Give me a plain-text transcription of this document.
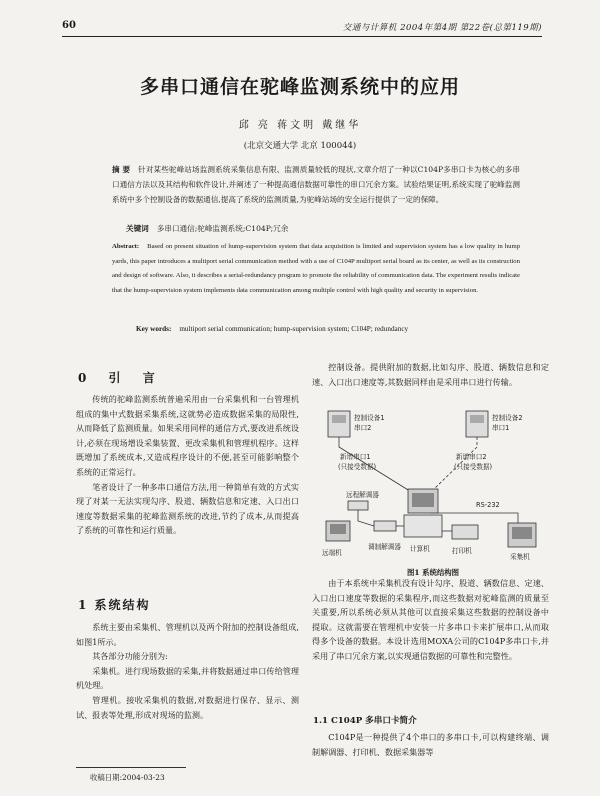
60	交通与计算机 2004年第4期 第22卷(总第119期)
多串口通信在驼峰监测系统中的应用
邱 亮 蒋文明 戴继华
(北京交通大学 北京 100044)
摘 要 针对某些驼峰站场监测系统采集信息有限、监测质量较低的现状,文章介绍了一种以C104P多串口卡为核心的多串口通信方法以及其结构和软件设计,并阐述了一种提高通信数据可靠性的串口冗余方案。试验结果证明,系统实现了驼峰监测系统中多个控制设备的数据通信,提高了系统的监测质量,为驼峰站场的安全运行提供了一定的保障。
关键词 多串口通信;驼峰监测系统;C104P;冗余
Abstract: Based on present situation of hump-supervision system that data acquisition is limited and supervision system has a low quality in hump yards, this paper introduces a multiport serial communication method with a use of C104P multiport serial board as its center, as well as its construction and design of software. Also, it describes a serial-redundancy program to promote the reliability of communication data. The experiment results indicate that the hump-supervision system implements data communication among multiple control with high quality and security in supervision.
Key words: multiport serial communication; hump-supervision system; C104P; redundancy
0 引 言

传统的驼峰监测系统普遍采用由一台采集机和一台管理机组成的集中式数据采集系统,这就势必造成数据采集的局限性,从而降低了监测质量。如果采用同样的通信方式,要改进系统设计,必须在现场增设采集装置、更改采集机和管理机程序。这样既增加了系统成本,又造成程序设计的不便,甚至可能影响整个系统的正常运行。

笔者设计了一种多串口通信方法,用一种简单有效的方式实现了对某一无法实现勾序、股道、辆数信息和定速、入口出口速度等数据采集的驼峰监测系统的改进,节约了成本,从而提高了系统的可靠性和运行质量。

1 系统结构

系统主要由采集机、管理机以及两个附加的控制设备组成,如图1所示。

其各部分功能分别为:

采集机。进行现场数据的采集,并将数据通过串口传给管理机处理。

管理机。接收采集机的数据,对数据进行保存、显示、测试、报表等处理,形成对现场的监测。

收稿日期:2004-03-23

控制设备。提供附加的数据,比如勾序、股道、辆数信息和定速、入口出口速度等,其数据同样由是采用串口进行传输。

控制设备1
串口2
控制设备2
串口1
新增串口1
(只接受数据)
新增串口2
(只接受数据)
RS-232
计算机
调制解调器
远端机
远程解调器
打印机
采集机
图1 系统结构图

由于本系统中采集机没有设计勾序、股道、辆数信息、定速、入口出口速度等数据的采集程序,而这些数据对驼峰监测的质量至关重要,所以系统必须从其他可以直接采集这些数据的控制设备中提取。这就需要在管理机中安装一片多串口卡来扩展串口,从而取得多个设备的数据。本设计选用MOXA公司的C104P多串口卡,并采用了串口冗余方案,以实现通信数据的可靠性和完整性。

1.1 C104P 多串口卡简介

C104P是一种提供了4个串口的多串口卡,可以构建终端、调制解调器、打印机、数据采集器等
